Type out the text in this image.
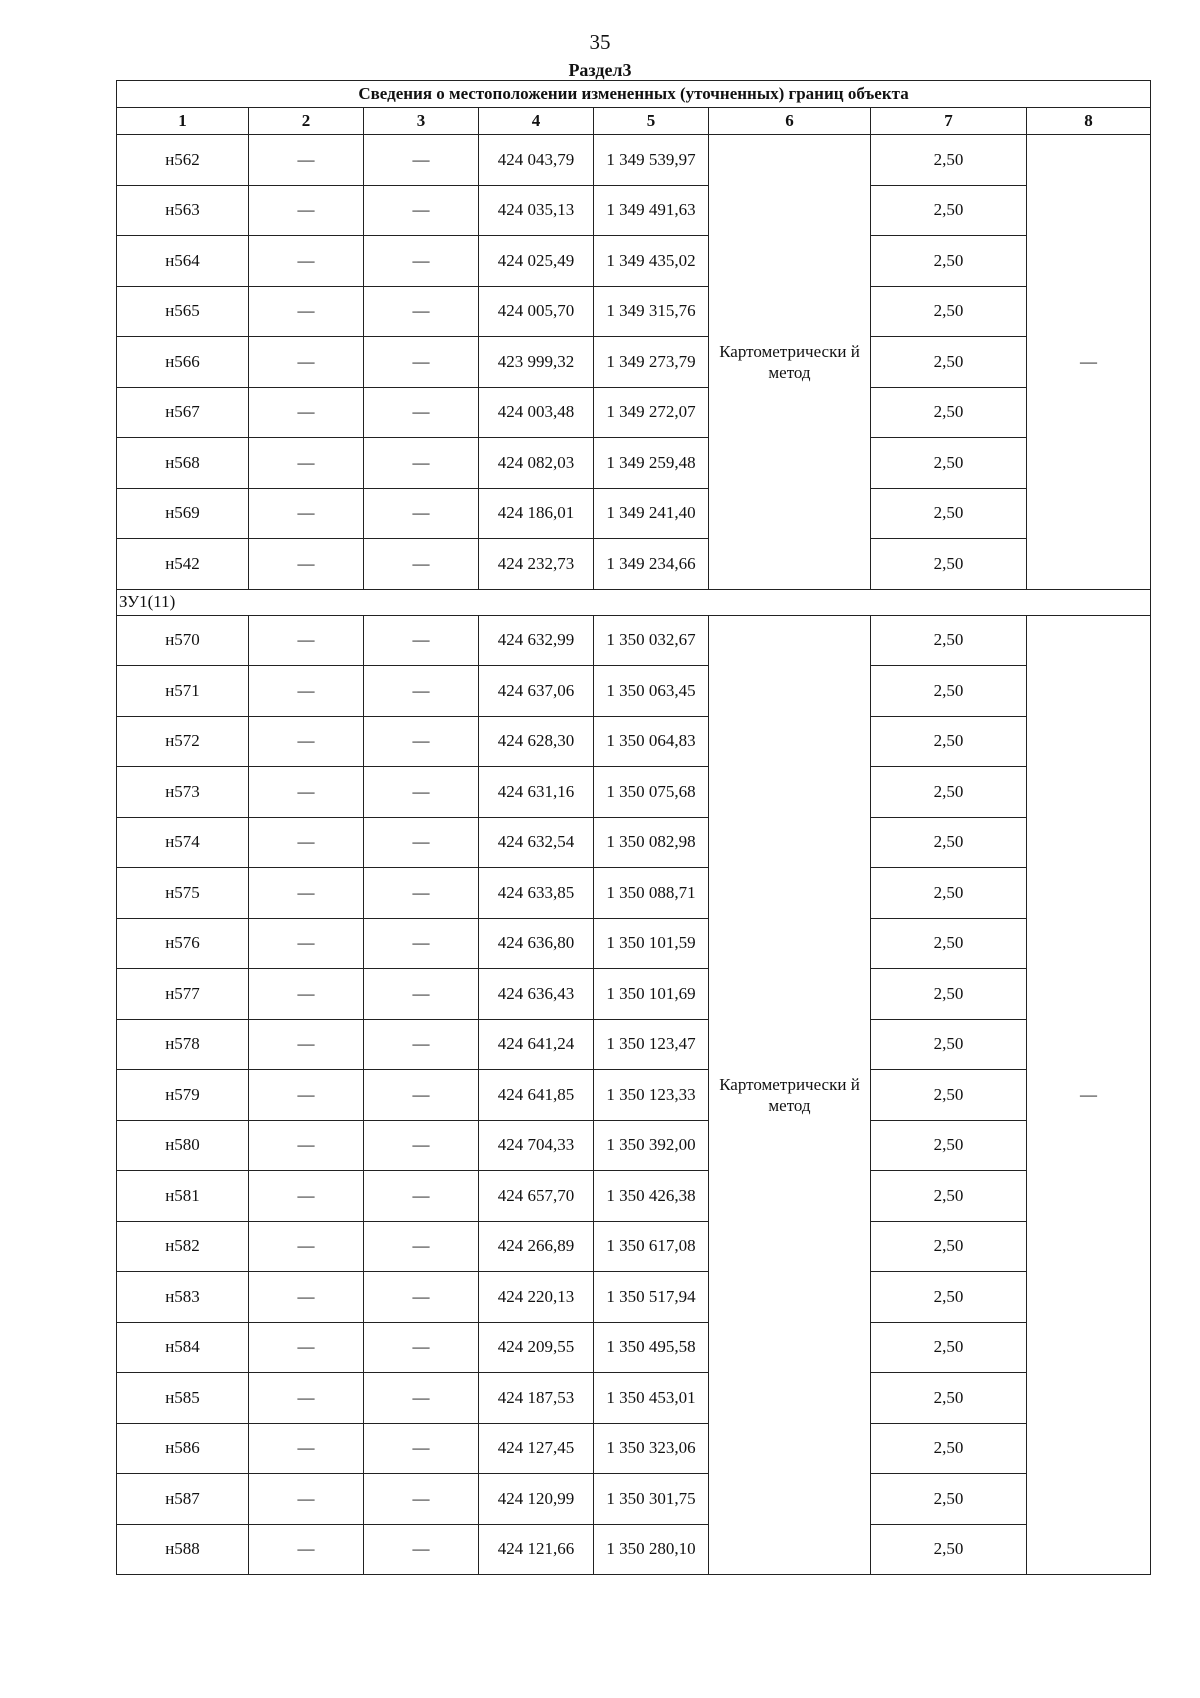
35
Раздел3
Сведения о местоположении измененных (уточненных) границ объекта							
1	2	3	4	5	6	7	8
н562	—	—	424 043,79	1 349 539,97	Картометрически й метод	2,50	—
н563	—	—	424 035,13	1 349 491,63		2,50	
н564	—	—	424 025,49	1 349 435,02		2,50	
н565	—	—	424 005,70	1 349 315,76		2,50	
н566	—	—	423 999,32	1 349 273,79		2,50	
н567	—	—	424 003,48	1 349 272,07		2,50	
н568	—	—	424 082,03	1 349 259,48		2,50	
н569	—	—	424 186,01	1 349 241,40		2,50	
н542	—	—	424 232,73	1 349 234,66		2,50	
ЗУ1(11)							
н570	—	—	424 632,99	1 350 032,67	Картометрически й метод	2,50	—
н571	—	—	424 637,06	1 350 063,45		2,50	
н572	—	—	424 628,30	1 350 064,83		2,50	
н573	—	—	424 631,16	1 350 075,68		2,50	
н574	—	—	424 632,54	1 350 082,98		2,50	
н575	—	—	424 633,85	1 350 088,71		2,50	
н576	—	—	424 636,80	1 350 101,59		2,50	
н577	—	—	424 636,43	1 350 101,69		2,50	
н578	—	—	424 641,24	1 350 123,47		2,50	
н579	—	—	424 641,85	1 350 123,33		2,50	
н580	—	—	424 704,33	1 350 392,00		2,50	
н581	—	—	424 657,70	1 350 426,38		2,50	
н582	—	—	424 266,89	1 350 617,08		2,50	
н583	—	—	424 220,13	1 350 517,94		2,50	
н584	—	—	424 209,55	1 350 495,58		2,50	
н585	—	—	424 187,53	1 350 453,01		2,50	
н586	—	—	424 127,45	1 350 323,06		2,50	
н587	—	—	424 120,99	1 350 301,75		2,50	
н588	—	—	424 121,66	1 350 280,10		2,50	
